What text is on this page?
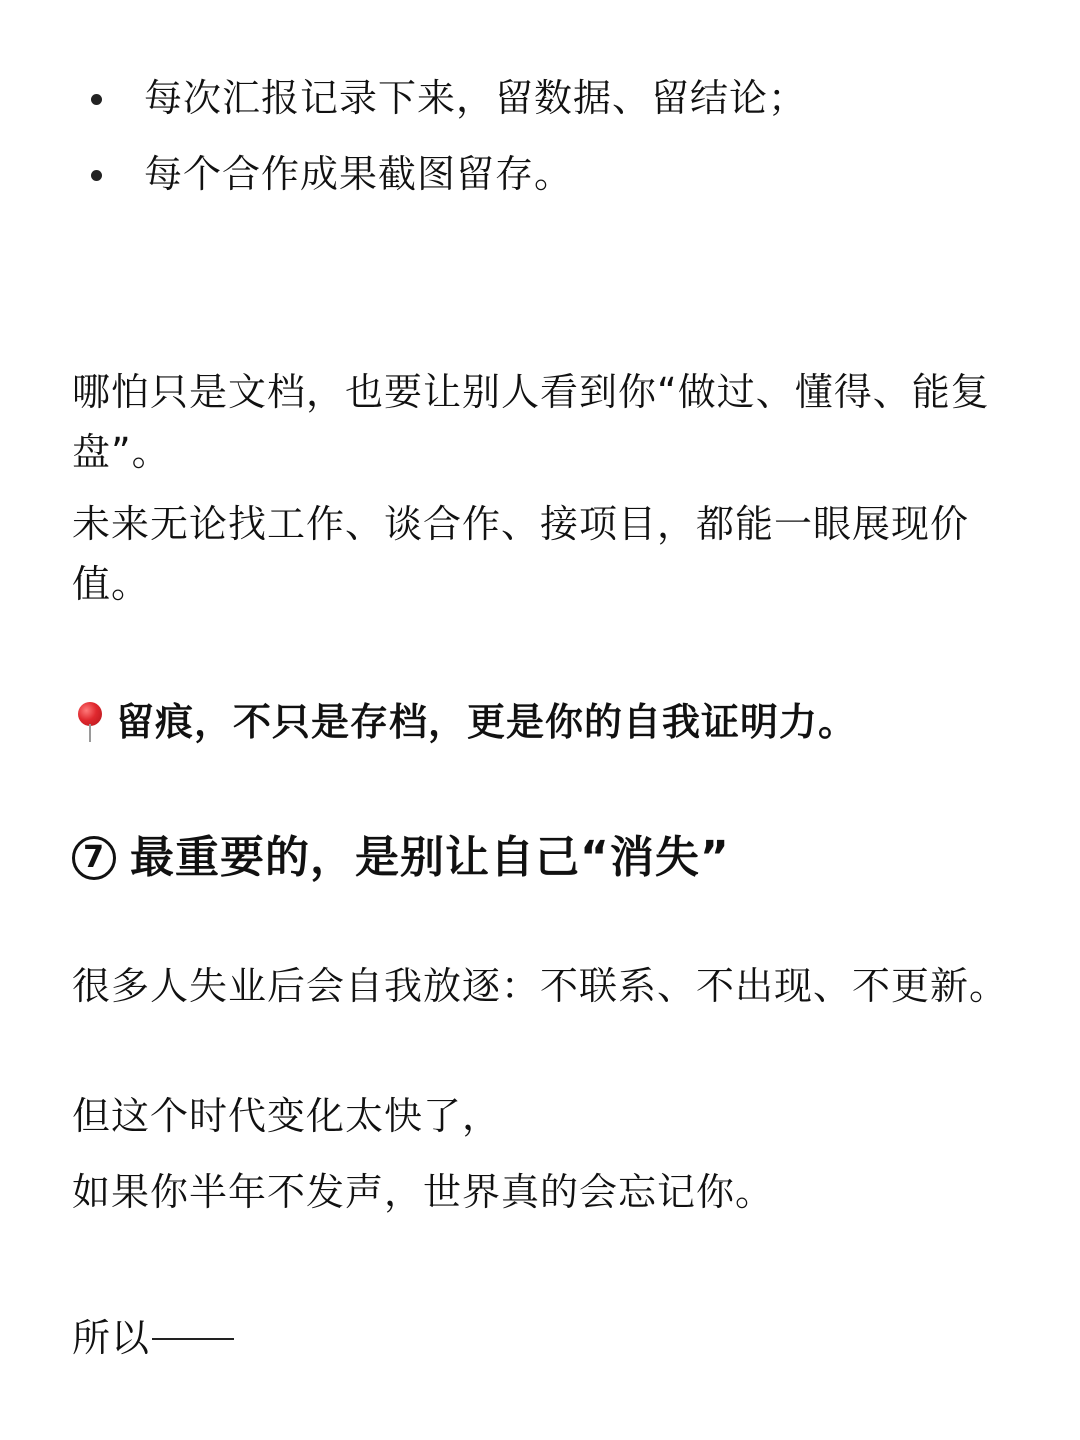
每次汇报记录下来，留数据、留结论；
每个合作成果截图留存。

哪怕只是文档，也要让别人看到你“做过、懂得、能复盘”。

未来无论找工作、谈合作、接项目，都能一眼展现价值。

留痕，不只是存档，更是你的自我证明力。
7 最重要的，是别让自己“消失”

很多人失业后会自我放逐：不联系、不出现、不更新。

但这个时代变化太快了，

如果你半年不发声，世界真的会忘记你。

所以
